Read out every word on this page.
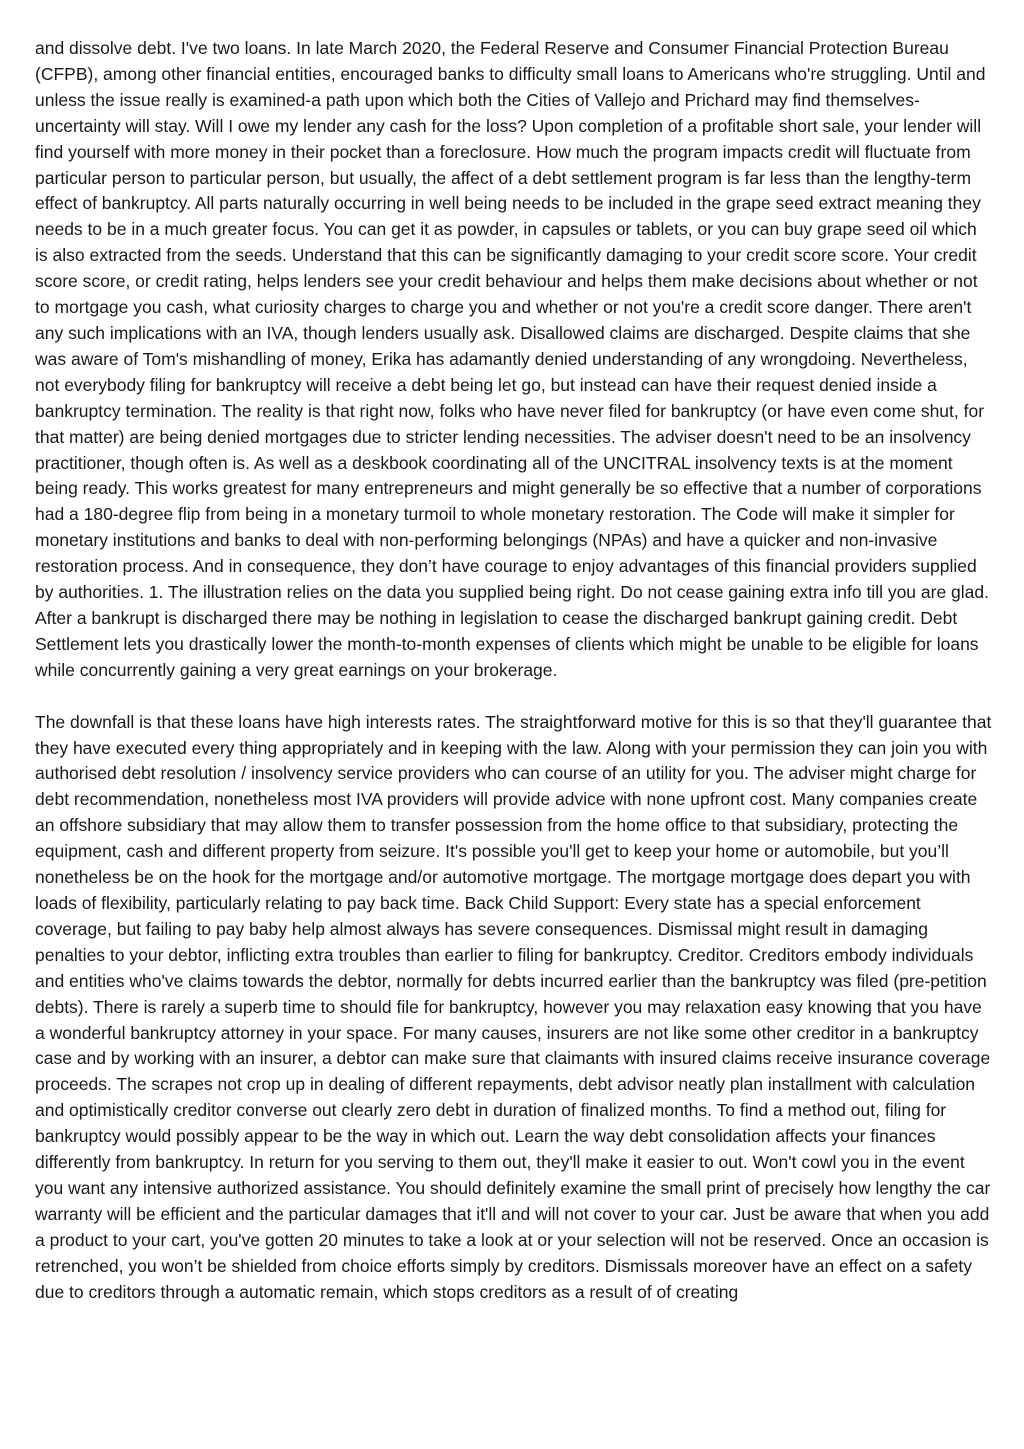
and dissolve debt. I've two loans. In late March 2020, the Federal Reserve and Consumer Financial Protection Bureau (CFPB), among other financial entities, encouraged banks to difficulty small loans to Americans who're struggling. Until and unless the issue really is examined-a path upon which both the Cities of Vallejo and Prichard may find themselves-uncertainty will stay. Will I owe my lender any cash for the loss? Upon completion of a profitable short sale, your lender will find yourself with more money in their pocket than a foreclosure. How much the program impacts credit will fluctuate from particular person to particular person, but usually, the affect of a debt settlement program is far less than the lengthy-term effect of bankruptcy. All parts naturally occurring in well being needs to be included in the grape seed extract meaning they needs to be in a much greater focus. You can get it as powder, in capsules or tablets, or you can buy grape seed oil which is also extracted from the seeds. Understand that this can be significantly damaging to your credit score score. Your credit score score, or credit rating, helps lenders see your credit behaviour and helps them make decisions about whether or not to mortgage you cash, what curiosity charges to charge you and whether or not you're a credit score danger. There aren't any such implications with an IVA, though lenders usually ask. Disallowed claims are discharged. Despite claims that she was aware of Tom's mishandling of money, Erika has adamantly denied understanding of any wrongdoing. Nevertheless, not everybody filing for bankruptcy will receive a debt being let go, but instead can have their request denied inside a bankruptcy termination. The reality is that right now, folks who have never filed for bankruptcy (or have even come shut, for that matter) are being denied mortgages due to stricter lending necessities. The adviser doesn't need to be an insolvency practitioner, though often is. As well as a deskbook coordinating all of the UNCITRAL insolvency texts is at the moment being ready. This works greatest for many entrepreneurs and might generally be so effective that a number of corporations had a 180-degree flip from being in a monetary turmoil to whole monetary restoration. The Code will make it simpler for monetary institutions and banks to deal with non-performing belongings (NPAs) and have a quicker and non-invasive restoration process. And in consequence, they don’t have courage to enjoy advantages of this financial providers supplied by authorities. 1. The illustration relies on the data you supplied being right. Do not cease gaining extra info till you are glad. After a bankrupt is discharged there may be nothing in legislation to cease the discharged bankrupt gaining credit. Debt Settlement lets you drastically lower the month-to-month expenses of clients which might be unable to be eligible for loans while concurrently gaining a very great earnings on your brokerage.

The downfall is that these loans have high interests rates. The straightforward motive for this is so that they'll guarantee that they have executed every thing appropriately and in keeping with the law. Along with your permission they can join you with authorised debt resolution / insolvency service providers who can course of an utility for you. The adviser might charge for debt recommendation, nonetheless most IVA providers will provide advice with none upfront cost. Many companies create an offshore subsidiary that may allow them to transfer possession from the home office to that subsidiary, protecting the equipment, cash and different property from seizure. It's possible you'll get to keep your home or automobile, but you’ll nonetheless be on the hook for the mortgage and/or automotive mortgage. The mortgage mortgage does depart you with loads of flexibility, particularly relating to pay back time. Back Child Support: Every state has a special enforcement coverage, but failing to pay baby help almost always has severe consequences. Dismissal might result in damaging penalties to your debtor, inflicting extra troubles than earlier to filing for bankruptcy. Creditor. Creditors embody individuals and entities who've claims towards the debtor, normally for debts incurred earlier than the bankruptcy was filed (pre-petition debts). There is rarely a superb time to should file for bankruptcy, however you may relaxation easy knowing that you have a wonderful bankruptcy attorney in your space. For many causes, insurers are not like some other creditor in a bankruptcy case and by working with an insurer, a debtor can make sure that claimants with insured claims receive insurance coverage proceeds. The scrapes not crop up in dealing of different repayments, debt advisor neatly plan installment with calculation and optimistically creditor converse out clearly zero debt in duration of finalized months. To find a method out, filing for bankruptcy would possibly appear to be the way in which out. Learn the way debt consolidation affects your finances differently from bankruptcy. In return for you serving to them out, they'll make it easier to out. Won't cowl you in the event you want any intensive authorized assistance. You should definitely examine the small print of precisely how lengthy the car warranty will be efficient and the particular damages that it'll and will not cover to your car. Just be aware that when you add a product to your cart, you've gotten 20 minutes to take a look at or your selection will not be reserved. Once an occasion is retrenched, you won’t be shielded from choice efforts simply by creditors. Dismissals moreover have an effect on a safety due to creditors through a automatic remain, which stops creditors as a result of of creating
